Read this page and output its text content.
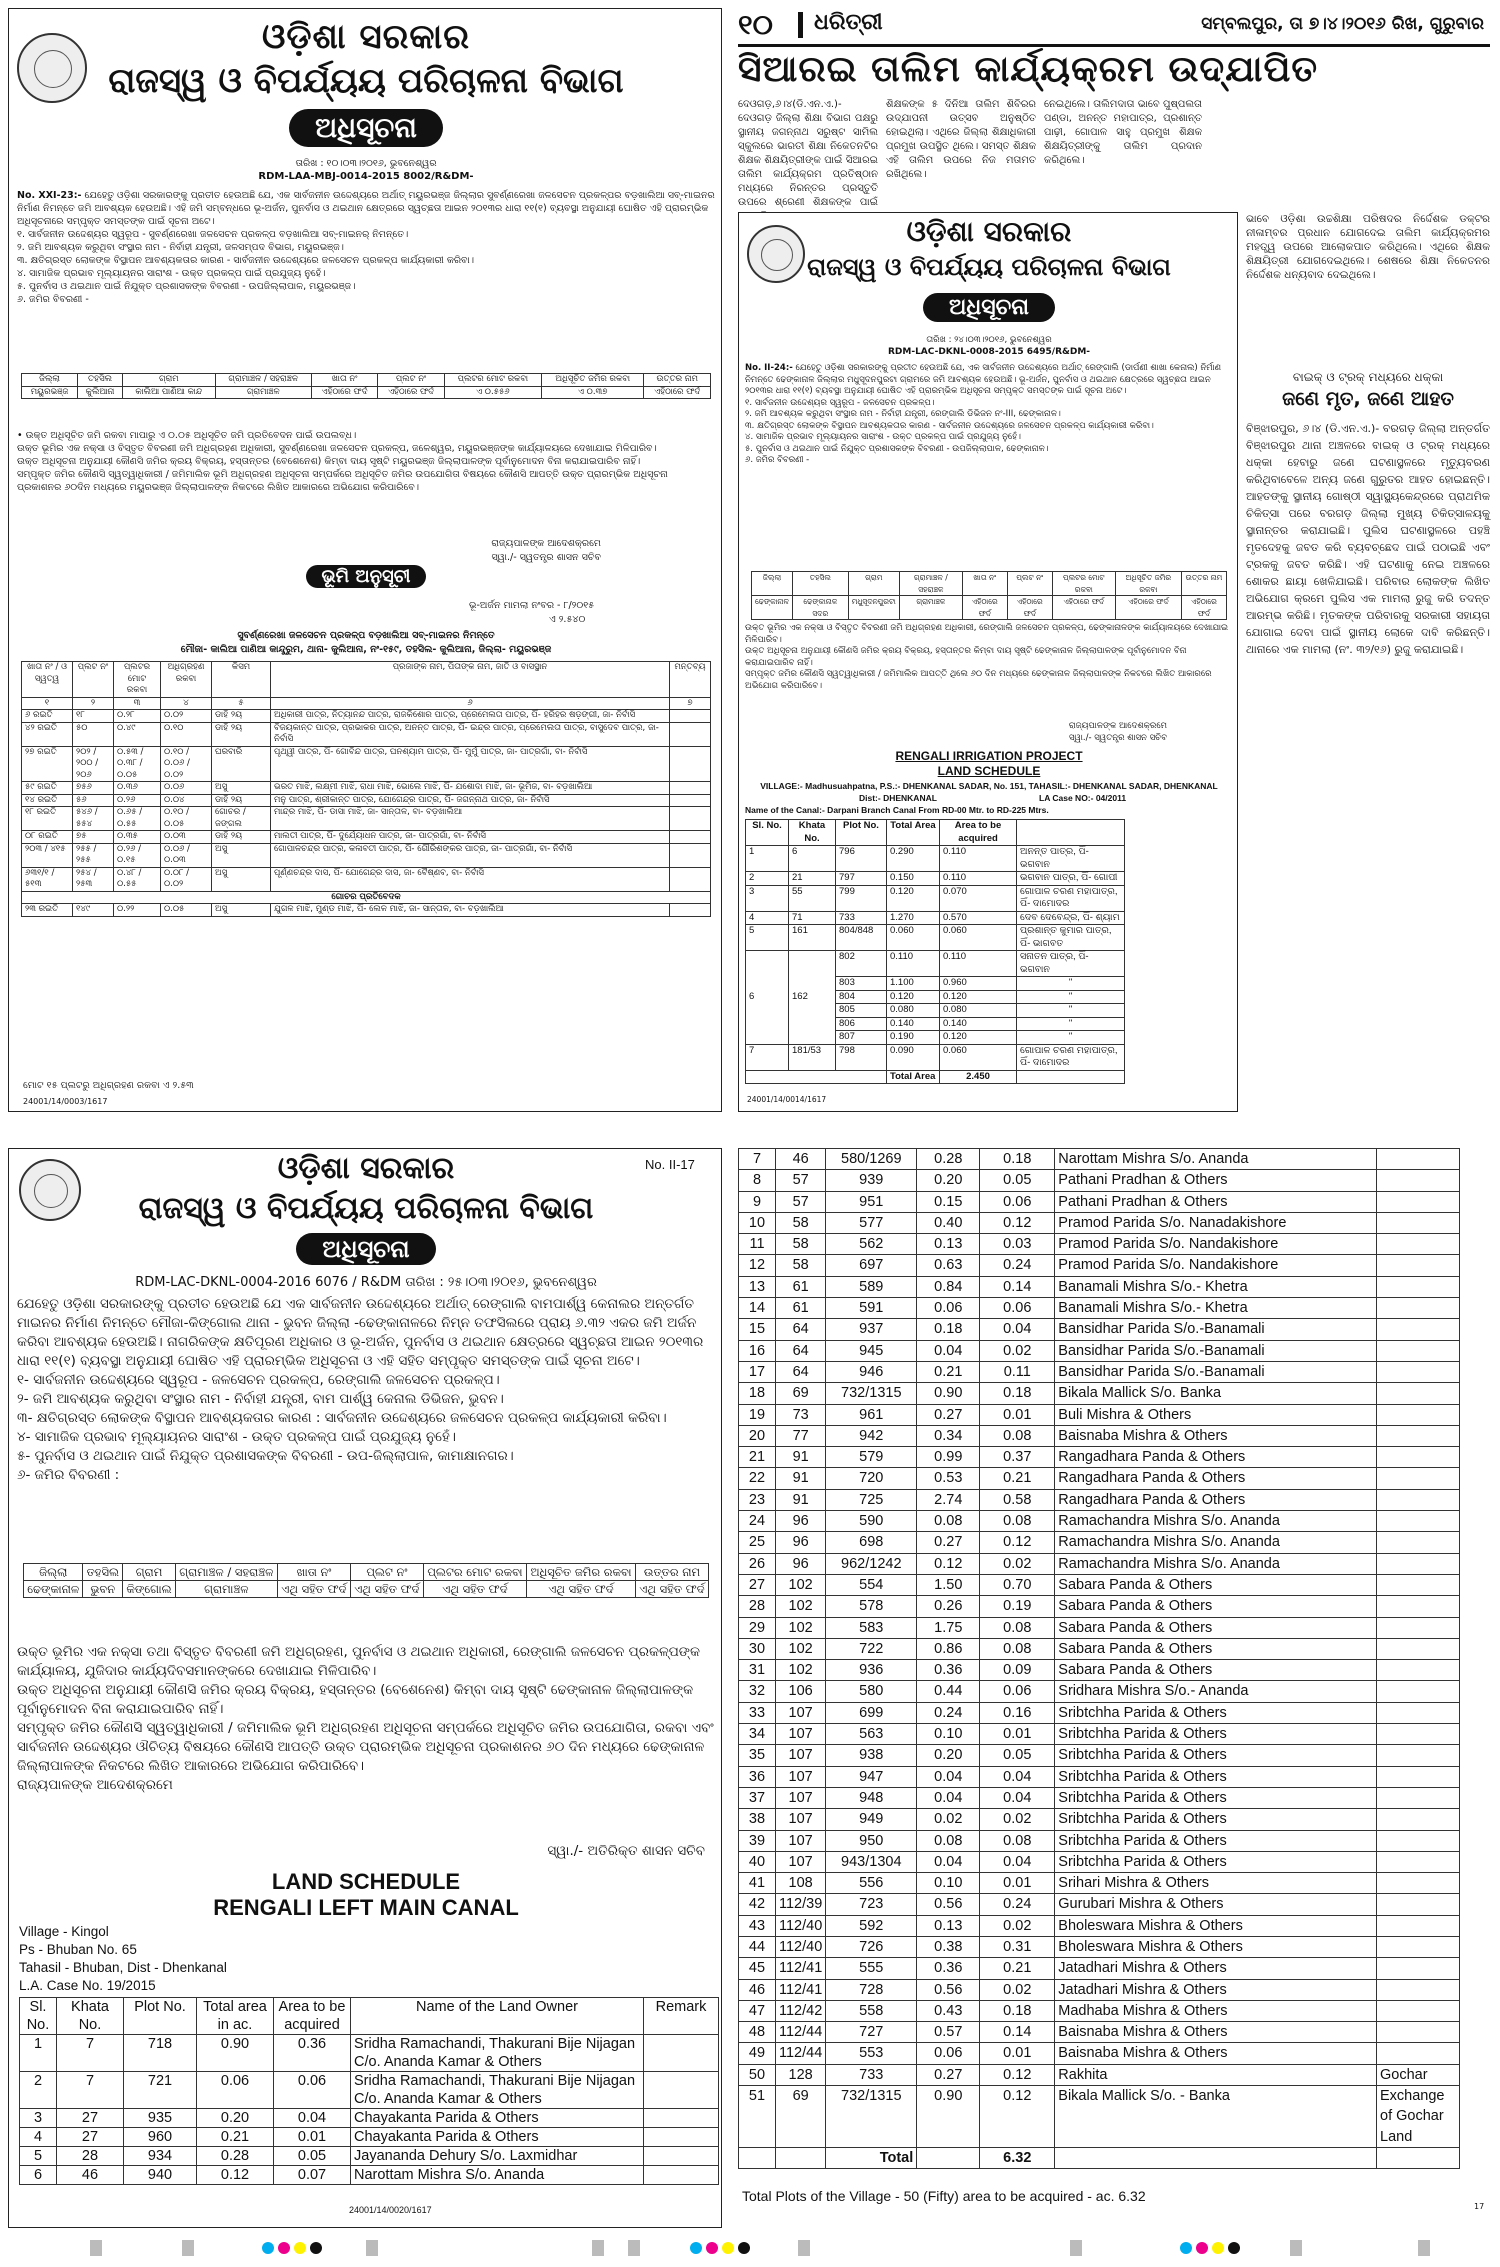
୧୦ ଧରିତ୍ରୀ	ସମ୍ବଲପୁର, ତା ୭।୪।୨୦୧୬ ରିଖ, ଗୁରୁବାର
ଓଡ଼ିଶା ସରକାର
ରାଜସ୍ୱ ଓ ବିପର୍ଯ୍ୟୟ ପରିଚାଳନା ବିଭାଗ
ଅଧିସୂଚନା
ତାରିଖ : ୧୦।୦୩।୨୦୧୬, ଭୁବନେଶ୍ୱର
RDM-LAA-MBJ-0014-2015 8002/R&DM-
No. XXI-23:- ଯେହେତୁ ଓଡ଼ିଶା ସରକାରଙ୍କୁ ପ୍ରତୀତ ହେଉଅଛି ଯେ, ଏକ ସାର୍ବଜନୀନ ଉଦ୍ଦେଶ୍ୟରେ ଅର୍ଥାତ୍ ମୟୁରଭଞ୍ଜ ଜିଲ୍ଲାର ସୁବର୍ଣ୍ଣରେଖା ଜଳସେଚନ ପ୍ରକଳ୍ପର ବଡ଼ଖାଲିଆ ସବ୍-ମାଇନର ନିର୍ମାଣ ନିମନ୍ତେ ଜମି ଆବଶ୍ୟକ ହେଉଅଛି। ଏହି ଜମି ସମ୍ବନ୍ଧରେ ଭୂ-ଅର୍ଜନ, ପୁନର୍ବାସ ଓ ଥଇଥାନ କ୍ଷେତ୍ରରେ ସ୍ୱଚ୍ଛତା ଆଇନ ୨୦୧୩ର ଧାରା ୧୧(୧) ବ୍ୟବସ୍ଥା ଅନୁଯାୟୀ ଘୋଷିତ ଏହି ପ୍ରାରମ୍ଭିକ ଅଧିସୂଚନାରେ ସମ୍ପୃକ୍ତ ସମସ୍ତଙ୍କ ପାଇଁ ସୂଚନା ଅଟେ।
୧. ସାର୍ବଜନୀନ ଉଦ୍ଦେଶ୍ୟର ସ୍ୱରୂପ - ସୁବର୍ଣ୍ଣରେଖା ଜଳସେଚନ ପ୍ରକଳ୍ପ ବଡ଼ଖାଲିଆ ସବ୍-ମାଇନର୍ ନିମନ୍ତେ।
୨. ଜମି ଆବଶ୍ୟକ କରୁଥିବା ସଂସ୍ଥାର ନାମ - ନିର୍ବାହୀ ଯନ୍ତ୍ରୀ, ଜଳସମ୍ପଦ ବିଭାଗ, ମୟୁରଭଞ୍ଜ।
୩. କ୍ଷତିଗ୍ରସ୍ତ ଲୋକଙ୍କ ବିସ୍ଥାପନ ଆବଶ୍ୟକତାର କାରଣ - ସାର୍ବଜନୀନ ଉଦ୍ଦେଶ୍ୟରେ ଜଳସେଚନ ପ୍ରକଳ୍ପ କାର୍ଯ୍ୟକାରୀ କରିବା।
୪. ସାମାଜିକ ପ୍ରଭାବ ମୂଲ୍ୟାୟନର ସାରାଂଶ - ଉକ୍ତ ପ୍ରକଳ୍ପ ପାଇଁ ପ୍ରଯୁଜ୍ୟ ନୁହେଁ।
୫. ପୁନର୍ବାସ ଓ ଥଇଥାନ ପାଇଁ ନିଯୁକ୍ତ ପ୍ରଶାସକଙ୍କ ବିବରଣୀ - ଉପଜିଲ୍ଲାପାଳ, ମୟୁରଭଞ୍ଜ।
୬. ଜମିର ବିବରଣୀ -
ଜିଲ୍ଲା	ତହସିଲ	ଗ୍ରାମ	ଗ୍ରାମାଞ୍ଚଳ / ସହରାଞ୍ଚଳ	ଖାତା ନଂ	ପ୍ଲଟ ନଂ	ପ୍ଲଟର ମୋଟ ରକବା	ଅଧିସୂଚିତ ଜମିର ରକବା	ଉତ୍ତର ନାମ
ମୟୁରଭଞ୍ଜ	କୁଲିଆନା	କାଲିଆ ପାଣିଆ କାନ୍ଦ	ଗ୍ରାମାଞ୍ଚଳ	ଏହିଠାରେ ଫର୍ଦ	ଏହିଠାରେ ଫର୍ଦ	ଏ ୦.୫୫୬	ଏ ୦.୩୭	ଏହିଠାରେ ଫର୍ଦ
• ଉକ୍ତ ଅଧିସୂଚିତ ଜମି ରକବା ମାପାରୁ ଏ ୦.୦୫ ଅଧିସୂଚିତ ଜମି ପ୍ରତିବେଦନ ପାଇଁ ଉପଲବ୍ଧ।
ଉକ୍ତ ଭୂମିର ଏକ ନକ୍ସା ଓ ବିସ୍ତୃତ ବିବରଣୀ ଜମି ଅଧିଗ୍ରହଣ ଅଧିକାରୀ, ସୁବର୍ଣ୍ଣରେଖା ଜଳସେଚନ ପ୍ରକଳ୍ପ, ଜଳେଶ୍ୱର, ମୟୁରଭଞ୍ଜଙ୍କ କାର୍ଯ୍ୟାଳୟରେ ଦେଖାଯାଇ ମିଳିପାରିବ।
ଉକ୍ତ ଅଧିସୂଚନା ଅନୁଯାୟୀ କୌଣସି ଜମିର କ୍ରୟ ବିକ୍ରୟ, ହସ୍ତାନ୍ତର (ବେଶେନେଶ) କିମ୍ବା ଦାୟ ସୃଷ୍ଟି ମୟୁରଭଞ୍ଜ ଜିଲ୍ଲାପାଳଙ୍କ ପୂର୍ବାନୁମୋଦନ ବିନା କରାଯାଇପାରିବ ନାହିଁ।
ସମ୍ପୃକ୍ତ ଜମିର କୌଣସି ସ୍ୱତ୍ୱାଧିକାରୀ / ଜମିମାଲିକ ଭୂମି ଅଧିଗ୍ରହଣ ଅଧିସୂଚନା ସମ୍ପର୍କରେ ଅଧିସୂଚିତ ଜମିର ଉପଯୋଗିତା ବିଷୟରେ କୌଣସି ଆପତ୍ତି ଉକ୍ତ ପ୍ରାରମ୍ଭିକ ଅଧିସୂଚନା ପ୍ରକାଶନର ୬୦ଦିନ ମଧ୍ୟରେ ମୟୁରଭଞ୍ଜ ଜିଲ୍ଲାପାଳଙ୍କ ନିକଟରେ ଲିଖିତ ଆକାରରେ ଅଭିଯୋଗ କରିପାରିବେ।
ରାଜ୍ୟପାଳଙ୍କ ଆଦେଶକ୍ରମେ
ସ୍ୱା./- ସ୍ୱତନ୍ତ୍ର ଶାସନ ସଚିବ
ଭୂମି ଅନୁସୂଚୀ
ଭୂ-ଅର୍ଜନ ମାମଲା ନଂବର - ୮/୨୦୧୫
ଏ ୨.୫୪୦
ସୁବର୍ଣ୍ଣରେଖା ଜଳସେଚନ ପ୍ରକଳ୍ପ ବଡ଼ଖାଲିଆ ସବ୍-ମାଇନର ନିମନ୍ତେ
ମୌଜା- କାଲିଆ ପାଣିଆ କାନ୍ଦୁରୁମ, ଥାନା- କୁଲିଆନା, ନଂ-୧୫୯, ତହସିଲ- କୁଲିଆନା, ଜିଲ୍ଲା- ମୟୁରଭଞ୍ଜ
ଖାତା ନଂ / ଓ ସ୍ୱତ୍ୱ	ପ୍ଲଟ ନଂ	ପ୍ଲଟର ମୋଟ ରକବା	ଅଧିଗ୍ରହଣ ରକବା	କିସମ	ପ୍ରଜାଙ୍କ ନାମ, ପିତାଙ୍କ ନାମ, ଜାତି ଓ ବାସସ୍ଥାନ	ମନ୍ତବ୍ୟ
୧	୨	୩	୪	୫	୬	୭
୬ ରଇତି	୧୮	୦.୨୮	୦.୦୨	ଡାହି ୨ୟ	ଅଧିକାରୀ ପାତ୍ର, ନିତ୍ୟାନନ୍ଦ ପାତ୍ର, ରାଜକିଶୋର ପାତ୍ର, ପ୍ରେମେଲତା ପାତ୍ର, ପିଁ- ହରିହର ଷଡ଼ଙ୍ଗୀ, ଜା- ନିର୍ବାସି	
୪୨ ରଇତି	୫୦	୦.୪୯	୦.୧୦	ଡାହି ୨ୟ	ବିଜୟକାନ୍ତ ପାତ୍ର, ପ୍ରଭାକର ପାତ୍ର, ଅନନ୍ତ ପାତ୍ର, ପିଁ- ଇନ୍ଦ୍ର ପାତ୍ର, ପ୍ରେମେଲତା ପାତ୍ର, ବାସୁଦେବ ପାତ୍ର, ଜା- ନିର୍ବାସି	
୨୭ ରଇତି	୨୦୨ / ୨୦୦ / ୨୦୬	୦.୫୩ / ୦.୩୮ / ୦.୦୫	୦.୧୦ / ୦.୦୬ / ୦.୦୨	ଘରବାରି	ପୃଥ୍ୱୀ ପାତ୍ର, ପିଁ- ଗୋବିନ୍ଦ ପାତ୍ର, ଘନଶ୍ୟାମ ପାତ୍ର, ପିଁ- ମୁର୍ମୁ ପାତ୍ର, ଜା- ପାତ୍ରଗାଁ, ବା- ନିର୍ବାସି	
୫୯ ରଇତି	୭୫୬	୦.୩୬	୦.୦୬	ଅସୁ	ଭରତ ମାଝି, ଲକ୍ଷ୍ମୀ ମାଝି, ରାଧା ମାଝି, ଭୋଲେ ମାଝି, ପିଁ- ଯଶୋଦା ମାଝି, ଜା- ଭୂମିଜ, ବା- ବଡ଼ଖାଲିଆ	
୧୪ ରଇତି	୫୬	୦.୨୬	୦.୦୪	ଡାହି ୨ୟ	ମନୁ ପାତ୍ର, ଶ୍ରୀକାନ୍ତ ପାତ୍ର, ଯୋଗେନ୍ଦ୍ର ପାତ୍ର, ପିଁ- ଜଗନ୍ନାଥ ପାତ୍ର, ଜା- ନିର୍ବାସି	
୧୮ ରଇତି	୫୪୬ / ୫୫୪	୦.୬୫ / ୦.୫୫	୦.୧୦ / ୦.୦୫	ଗୋଚର / ଜଙ୍ଗଲ	ମାନ୍ଦ୍ର ମାଝି, ପିଁ- ଡାସା ମାଝି, ଜା- ସାନ୍ତାଳ, ବା- ବଡ଼ଖାଲିଆ	
୦୮ ରଇତି	୭୫	୦.୩୫	୦.୦୩	ଡାହି ୨ୟ	ମାଲତୀ ପାତ୍ର, ପିଁ- ଦୁର୍ଯ୍ୟୋଧନ ପାତ୍ର, ଜା- ପାତ୍ରଗାଁ, ବା- ନିର୍ବାସି	
୨୦୩ / ୪୧୫	୨୫୫ / ୨୫୫	୦.୨୬ / ୦.୧୫	୦.୦୬ / ୦.୦୩	ଅସୁ	ଗୋପାଳଚନ୍ଦ୍ର ପାତ୍ର, କଳାବତୀ ପାତ୍ର, ପିଁ- ଗୌରିଶଙ୍କର ପାତ୍ର, ଜା- ପାତ୍ରଗାଁ, ବା- ନିର୍ବାସି	
୬୩୧/୧ / ୫୧୩	୨୫୪ / ୨୫୩	୦.୪୮ / ୦.୫୫	୦.୦୮ / ୦.୦୨	ଅସୁ	ପୂର୍ଣ୍ଣଚନ୍ଦ୍ର ଦାସ, ପିଁ- ଯୋଗେନ୍ଦ୍ର ଦାସ, ଜା- ବୈଷ୍ଣବ, ବା- ନିର୍ବାସି	
ଗୋଚର ପ୍ରତିବେଦକ						
୨୩ ରଇତି	୧୪୯	୦.୨୨	୦.୦୫	ଅସୁ	ଯୁଗଳ ମାଝି, ମୁଣ୍ଡ ମାଝି, ପିଁ- ଲେଳ ମାଝି, ଜା- ସାନ୍ତାଳ, ବା- ବଡ଼ଖାଲିଆ	
ମୋଟ ୧୫ ପ୍ଲଟରୁ ଅଧିଗ୍ରହଣ ରକବା ଏ ୨.୫୩
24001/14/0003/1617
ସିଆରଇ ତାଲିମ କାର୍ଯ୍ୟକ୍ରମ ଉଦ୍‌ଯାପିତ
ଦେଓଗଡ଼,୬।୪(ଡି.ଏନ.ଏ.)- ଦେଓଗଡ଼ ଜିଲ୍ଲା ଶିକ୍ଷା ବିଭାଗ ପକ୍ଷରୁ ସ୍ଥାନୀୟ ଜଗନ୍ନାଥ ସରୁଷ୍ଟ ସାମିଲ ସ୍କୁଲରେ ଭାରତୀ ଶିକ୍ଷା ନିକେତନଟିର ଶିକ୍ଷକ ଶିକ୍ଷୟିତ୍ରୀଙ୍କ ପାଇଁ ସିଆରଇ ତାଲିମ କାର୍ଯ୍ୟକ୍ରମ ପ୍ରତିଷ୍ଠାନ ମଧ୍ୟରେ ନିରନ୍ତର ପ୍ରସ୍ତୁତି ଉପରେ ଶ୍ରେଣୀ ଶିକ୍ଷକଙ୍କ ପାଇଁ
ଶିକ୍ଷକଙ୍କ ୫ ଦିନିଆ ତାଲିମ ଶିବିରର ଉଦ୍‌ଯାପନୀ ଉତ୍ସବ ଅନୁଷ୍ଠିତ ହୋଇଥିଲା। ଏଥିରେ ଜିଲ୍ଲା ଶିକ୍ଷାଧିକାରୀ ପ୍ରମୁଖ ଉପସ୍ଥିତ ଥିଲେ। ସମସ୍ତ ଶିକ୍ଷକ ଏହି ତାଲିମ ଉପରେ ନିଜ ମତାମତ ରଖିଥିଲେ।
ନେଇଥିଲେ। ତାଲିମଦାତା ଭାବେ ପୁଷ୍ପଲତା ପଣ୍ଡା, ଅନନ୍ତ ମହାପାତ୍ର, ପ୍ରଶାନ୍ତ ପାଢ଼ୀ, ଗୋପାଳ ସାହୁ ପ୍ରମୁଖ ଶିକ୍ଷକ ଶିକ୍ଷୟିତ୍ରୀଙ୍କୁ ତାଲିମ ପ୍ରଦାନ କରିଥିଲେ।
ଓଡ଼ିଶା ସରକାର
ରାଜସ୍ୱ ଓ ବିପର୍ଯ୍ୟୟ ପରିଚାଳନା ବିଭାଗ
ଅଧିସୂଚନା
ତାରିଖ : ୨୪।୦୩।୨୦୧୬, ଭୁବନେଶ୍ୱର
RDM-LAC-DKNL-0008-2015 6495/R&DM-
No. II-24:- ଯେହେତୁ ଓଡ଼ିଶା ସରକାରଙ୍କୁ ପ୍ରତୀତ ହେଉଅଛି ଯେ, ଏକ ସାର୍ବଜନୀନ ଉଦ୍ଦେଶ୍ୟରେ ଅର୍ଥାତ୍ ରେଙ୍ଗାଲି (ଡାର୍ପଣୀ ଶାଖା କେନାଲ) ନିର୍ମାଣ ନିମନ୍ତେ ଢେଙ୍କାନାଳ ଜିଲ୍ଲାର ମଧୁସୂଦନପୁରଟା ଗ୍ରାମରେ ଜମି ଆବଶ୍ୟକ ହେଉଅଛି। ଭୂ-ଅର୍ଜନ, ପୁନର୍ବାସ ଓ ଥଇଥାନ କ୍ଷେତ୍ରରେ ସ୍ୱଚ୍ଛତା ଆଇନ ୨୦୧୩ର ଧାରା ୧୧(୧) ବ୍ୟବସ୍ଥା ଅନୁଯାୟୀ ଘୋଷିତ ଏହି ପ୍ରାରମ୍ଭିକ ଅଧିସୂଚନା ସମ୍ପୃକ୍ତ ସମସ୍ତଙ୍କ ପାଇଁ ସୂଚନା ଅଟେ।
୧. ସାର୍ବଜନୀନ ଉଦ୍ଦେଶ୍ୟର ସ୍ୱରୂପ - ଜଳସେଚନ ପ୍ରକଳ୍ପ।
୨. ଜମି ଆବଶ୍ୟକ କରୁଥିବା ସଂସ୍ଥାର ନାମ - ନିର୍ବାହୀ ଯନ୍ତ୍ରୀ, ରେଙ୍ଗାଲି ଡିଭିଜନ ନଂ-III, ଢେଙ୍କାନାଳ।
୩. କ୍ଷତିଗ୍ରସ୍ତ ଲୋକଙ୍କ ବିସ୍ଥାପନ ଆବଶ୍ୟକତାର କାରଣ - ସାର୍ବଜନୀନ ଉଦ୍ଦେଶ୍ୟରେ ଜଳସେଚନ ପ୍ରକଳ୍ପ କାର୍ଯ୍ୟକାରୀ କରିବା।
୪. ସାମାଜିକ ପ୍ରଭାବ ମୂଲ୍ୟାୟନର ସାରାଂଶ - ଉକ୍ତ ପ୍ରକଳ୍ପ ପାଇଁ ପ୍ରଯୁଜ୍ୟ ନୁହେଁ।
୫. ପୁନର୍ବାସ ଓ ଥଇଥାନ ପାଇଁ ନିଯୁକ୍ତ ପ୍ରଶାସକଙ୍କ ବିବରଣୀ - ଉପଜିଲ୍ଲାପାଳ, ଢେଙ୍କାନାଳ।
୬. ଜମିର ବିବରଣୀ -
ଜିଲ୍ଲା	ତହସିଲ	ଗ୍ରାମ	ଗ୍ରାମାଞ୍ଚଳ / ସହରାଞ୍ଚଳ	ଖାତା ନଂ	ପ୍ଲଟ ନଂ	ପ୍ଲଟର ମୋଟ ରକବା	ଅଧିସୂଚିତ ଜମିର ରକବା	ଉତ୍ତର ନାମ
ଢେଙ୍କାନାଳ	ଢେଙ୍କାନାଳ ସଦର	ମଧୁସୂଦନପୁରଟା	ଗ୍ରାମାଞ୍ଚଳ	ଏହିଠାରେ ଫର୍ଦ	ଏହିଠାରେ ଫର୍ଦ	ଏହିଠାରେ ଫର୍ଦ	ଏହିଠାରେ ଫର୍ଦ	ଏହିଠାରେ ଫର୍ଦ
ଉକ୍ତ ଭୂମିର ଏକ ନକ୍ସା ଓ ବିସ୍ତୃତ ବିବରଣୀ ଜମି ଅଧିଗ୍ରହଣ ଅଧିକାରୀ, ରେଙ୍ଗାଲି ଜଳସେଚନ ପ୍ରକଳ୍ପ, ଢେଙ୍କାନାଳଙ୍କ କାର୍ଯ୍ୟାଳୟରେ ଦେଖାଯାଇ ମିଳିପାରିବ।
ଉକ୍ତ ଅଧିସୂଚନା ଅନୁଯାୟୀ କୌଣସି ଜମିର କ୍ରୟ ବିକ୍ରୟ, ହସ୍ତାନ୍ତର କିମ୍ବା ଦାୟ ସୃଷ୍ଟି ଢେଙ୍କାନାଳ ଜିଲ୍ଲାପାଳଙ୍କ ପୂର୍ବାନୁମୋଦନ ବିନା କରାଯାଇପାରିବ ନାହିଁ।
ସମ୍ପୃକ୍ତ ଜମିର କୌଣସି ସ୍ୱତ୍ୱାଧିକାରୀ / ଜମିମାଲିକ ଆପତ୍ତି ଥିଲେ ୬୦ ଦିନ ମଧ୍ୟରେ ଢେଙ୍କାନାଳ ଜିଲ୍ଲାପାଳଙ୍କ ନିକଟରେ ଲିଖିତ ଆକାରରେ ଅଭିଯୋଗ କରିପାରିବେ।
ରାଜ୍ୟପାଳଙ୍କ ଆଦେଶକ୍ରମେ
ସ୍ୱା./- ସ୍ୱତନ୍ତ୍ର ଶାସନ ସଚିବ
RENGALI IRRIGATION PROJECT
LAND SCHEDULE
VILLAGE:- Madhusuahpatna, P.S.:- DHENKANAL SADAR, No. 151, TAHASIL:- DHENKANAL SADAR, DHENKANAL
Dist:- DHENKANAL	LA Case NO:- 04/2011
Name of the Canal:- Darpani Branch Canal From RD-00 Mtr. to RD-225 Mtrs.
Sl. No.	Khata No.	Plot No.	Total Area	Area to be acquired	
1	6	796	0.290	0.110	ଅନନ୍ତ ପାତ୍ର, ପିଁ- ଭଗବାନ
2	21	797	0.150	0.110	ଭଗବାନ ପାତ୍ର, ପିଁ- ଗୋପୀ
3	55	799	0.120	0.070	ଗୋପାଳ ଚରଣ ମହାପାତ୍ର, ପିଁ- ଦାମୋଦର
4	71	733	1.270	0.570	ଦେବ ଦେବେନ୍ଦ୍ର, ପିଁ- ଶ୍ୟାମ
5	161	804/848	0.060	0.060	ପ୍ରଶାନ୍ତ କୁମାର ପାତ୍ର, ପିଁ- ଭାଗବତ
6	162	802	0.110	0.110	ସନାତନ ପାତ୍ର, ପିଁ- ଭଗବାନ
		803	1.100	0.960	"
		804	0.120	0.120	"
		805	0.080	0.080	"
		806	0.140	0.140	"
		807	0.190	0.120	"
7	181/53	798	0.090	0.060	ଗୋପାଳ ଚରଣ ମହାପାତ୍ର, ପିଁ- ଦାମୋଦର
			Total Area	2.450	
24001/14/0014/1617
ଭାବେ ଓଡ଼ିଶା ଉଚ୍ଚଶିକ୍ଷା ପରିଷଦର ନିର୍ଦ୍ଦେଶକ ଡକ୍ଟର ନୀଳାମ୍ବର ପ୍ରଧାନ ଯୋଗଦେଇ ତାଲିମ କାର୍ଯ୍ୟକ୍ରମର ମହତ୍ତ୍ୱ ଉପରେ ଆଲୋକପାତ କରିଥିଲେ। ଏଥିରେ ଶିକ୍ଷକ ଶିକ୍ଷୟିତ୍ରୀ ଯୋଗଦେଇଥିଲେ। ଶେଷରେ ଶିକ୍ଷା ନିକେତନର ନିର୍ଦ୍ଦେଶକ ଧନ୍ୟବାଦ ଦେଇଥିଲେ।
ବାଇକ୍ ଓ ଟ୍ରକ୍ ମଧ୍ୟରେ ଧକ୍କା
ଜଣେ ମୃତ, ଜଣେ ଆହତ
ବିଞ୍ଝାରପୁର, ୬।୪ (ଡି.ଏନ.ଏ.)- ବରଗଡ଼ ଜିଲ୍ଲା ଅନ୍ତର୍ଗତ ବିଞ୍ଝାରପୁର ଥାନା ଅଞ୍ଚଳରେ ବାଇକ୍ ଓ ଟ୍ରକ୍ ମଧ୍ୟରେ ଧକ୍କା ହେବାରୁ ଜଣେ ଘଟଣାସ୍ଥଳରେ ମୃତ୍ୟୁବରଣ କରିଥିବାବେଳେ ଅନ୍ୟ ଜଣେ ଗୁରୁତର ଆହତ ହୋଇଛନ୍ତି। ଆହତଙ୍କୁ ସ୍ଥାନୀୟ ଗୋଷ୍ଠୀ ସ୍ୱାସ୍ଥ୍ୟକେନ୍ଦ୍ରରେ ପ୍ରାଥମିକ ଚିକିତ୍ସା ପରେ ବରଗଡ଼ ଜିଲ୍ଲା ମୁଖ୍ୟ ଚିକିତ୍ସାଳୟକୁ ସ୍ଥାନାନ୍ତର କରାଯାଇଛି। ପୁଲିସ ଘଟଣାସ୍ଥଳରେ ପହଞ୍ଚି ମୃତଦେହକୁ ଜବତ କରି ବ୍ୟବଚ୍ଛେଦ ପାଇଁ ପଠାଇଛି ଏବଂ ଟ୍ରକକୁ ଜବତ କରିଛି। ଏହି ଘଟଣାକୁ ନେଇ ଅଞ୍ଚଳରେ ଶୋକର ଛାୟା ଖେଳିଯାଇଛି। ପରିବାର ଲୋକଙ୍କ ଲିଖିତ ଅଭିଯୋଗ କ୍ରମେ ପୁଲିସ ଏକ ମାମଲା ରୁଜୁ କରି ତଦନ୍ତ ଆରମ୍ଭ କରିଛି। ମୃତକଙ୍କ ପରିବାରକୁ ସରକାରୀ ସହାୟତା ଯୋଗାଇ ଦେବା ପାଇଁ ସ୍ଥାନୀୟ ଲୋକେ ଦାବି କରିଛନ୍ତି। ଥାନାରେ ଏକ ମାମଲା (ନଂ. ୩୨/୧୬) ରୁଜୁ କରାଯାଇଛି।
ଓଡ଼ିଶା ସରକାର	No. II-17
ରାଜସ୍ୱ ଓ ବିପର୍ଯ୍ୟୟ ପରିଚାଳନା ବିଭାଗ
ଅଧିସୂଚନା
RDM-LAC-DKNL-0004-2016 6076 / R&DM ତାରିଖ : ୨୫।୦୩।୨୦୧୬, ଭୁବନେଶ୍ୱର
ଯେହେତୁ ଓଡ଼ିଶା ସରକାରଙ୍କୁ ପ୍ରତୀତ ହେଉଅଛି ଯେ ଏକ ସାର୍ବଜନୀନ ଉଦ୍ଦେଶ୍ୟରେ ଅର୍ଥାତ୍ ରେଙ୍ଗାଲି ବାମପାର୍ଶ୍ୱ କେନାଲର ଅନ୍ତର୍ଗତ ମାଇନର ନିର୍ମାଣ ନିମନ୍ତେ ମୌଜା-କିଙ୍ଗୋଲ ଥାନା - ଭୁବନ ଜିଲ୍ଲା -ଢେଙ୍କାନାଳରେ ନିମ୍ନ ତଫସିଲରେ ପ୍ରାୟ ୬.୩୨ ଏକର ଜମି ଅର୍ଜନ କରିବା ଆବଶ୍ୟକ ହେଉଅଛି। ନାଗରିକଙ୍କ କ୍ଷତିପୂରଣ ଅଧିକାର ଓ ଭୂ-ଅର୍ଜନ, ପୁନର୍ବାସ ଓ ଥଇଥାନ କ୍ଷେତ୍ରରେ ସ୍ୱଚ୍ଛତା ଆଇନ ୨୦୧୩ର ଧାରା ୧୧(୧) ବ୍ୟବସ୍ଥା ଅନୁଯାୟୀ ଘୋଷିତ ଏହି ପ୍ରାରମ୍ଭିକ ଅଧିସୂଚନା ଓ ଏହି ସହିତ ସମ୍ପୃକ୍ତ ସମସ୍ତଙ୍କ ପାଇଁ ସୂଚନା ଅଟେ।
୧- ସାର୍ବଜନୀନ ଉଦ୍ଦେଶ୍ୟରେ ସ୍ୱରୂପ - ଜଳସେଚନ ପ୍ରକଳ୍ପ, ରେଙ୍ଗାଲି ଜଳସେଚନ ପ୍ରକଳ୍ପ।
୨- ଜମି ଆବଶ୍ୟକ କରୁଥିବା ସଂସ୍ଥାର ନାମ - ନିର୍ବାହୀ ଯନ୍ତ୍ରୀ, ବାମ ପାର୍ଶ୍ୱ କେନାଲ ଡିଭିଜନ, ଭୁବନ।
୩- କ୍ଷତିଗ୍ରସ୍ତ ଲୋକଙ୍କ ବିସ୍ଥାପନ ଆବଶ୍ୟକତାର କାରଣ : ସାର୍ବଜନୀନ ଉଦ୍ଦେଶ୍ୟରେ ଜଳସେଚନ ପ୍ରକଳ୍ପ କାର୍ଯ୍ୟକାରୀ କରିବା।
୪- ସାମାଜିକ ପ୍ରଭାବ ମୂଲ୍ୟାୟନର ସାରାଂଶ - ଉକ୍ତ ପ୍ରକଳ୍ପ ପାଇଁ ପ୍ରଯୁଜ୍ୟ ନୁହେଁ।
୫- ପୁନର୍ବାସ ଓ ଥଇଥାନ ପାଇଁ ନିଯୁକ୍ତ ପ୍ରଶାସକଙ୍କ ବିବରଣୀ - ଉପ-ଜିଲ୍ଲାପାଳ, କାମାକ୍ଷାନଗର।
୬- ଜମିର ବିବରଣୀ :
ଜିଲ୍ଲା	ତହସିଲ	ଗ୍ରାମ	ଗ୍ରାମାଞ୍ଚଳ / ସହରାଞ୍ଚଳ	ଖାତା ନଂ	ପ୍ଲଟ ନଂ	ପ୍ଲଟର ମୋଟ ରକବା	ଅଧିସୂଚିତ ଜମିର ରକବା	ଉତ୍ତର ନାମ
ଢେଙ୍କାନାଳ	ଭୁବନ	କିଙ୍ଗୋଲ	ଗ୍ରାମାଞ୍ଚଳ	ଏଥି ସହିତ ଫର୍ଦ	ଏଥି ସହିତ ଫର୍ଦ	ଏଥି ସହିତ ଫର୍ଦ	ଏଥି ସହିତ ଫର୍ଦ	ଏଥି ସହିତ ଫର୍ଦ
ଉକ୍ତ ଭୂମିର ଏକ ନକ୍ସା ତଥା ବିସ୍ତୃତ ବିବରଣୀ ଜମି ଅଧିଗ୍ରହଣ, ପୁନର୍ବାସ ଓ ଥଇଥାନ ଅଧିକାରୀ, ରେଙ୍ଗାଲି ଜଳସେଚନ ପ୍ରକଳ୍ପଙ୍କ କାର୍ଯ୍ୟାଳୟ, ଯୁଜିଦାର କାର୍ଯ୍ୟଦିବସମାନଙ୍କରେ ଦେଖାଯାଇ ମିଳିପାରିବ।
ଉକ୍ତ ଅଧିସୂଚନା ଅନୁଯାୟୀ କୌଣସି ଜମିର କ୍ରୟ ବିକ୍ରୟ, ହସ୍ତାନ୍ତର (ବେଶେନେଶ) କିମ୍ବା ଦାୟ ସୃଷ୍ଟି ଢେଙ୍କାନାଳ ଜିଲ୍ଲାପାଳଙ୍କ ପୂର୍ବାନୁମୋଦନ ବିନା କରାଯାଇପାରିବ ନାହିଁ।
ସମ୍ପୃକ୍ତ ଜମିର କୌଣସି ସ୍ୱତ୍ୱାଧିକାରୀ / ଜମିମାଲିକ ଭୂମି ଅଧିଗ୍ରହଣ ଅଧିସୂଚନା ସମ୍ପର୍କରେ ଅଧିସୂଚିତ ଜମିର ଉପଯୋଗିତା, ରକବା ଏବଂ ସାର୍ବଜନୀନ ଉଦ୍ଦେଶ୍ୟର ଔଚିତ୍ୟ ବିଷୟରେ କୌଣସି ଆପତ୍ତି ଉକ୍ତ ପ୍ରାରମ୍ଭିକ ଅଧିସୂଚନା ପ୍ରକାଶନର ୬୦ ଦିନ ମଧ୍ୟରେ ଢେଙ୍କାନାଳ ଜିଲ୍ଲାପାଳଙ୍କ ନିକଟରେ ଲିଖିତ ଆକାରରେ ଅଭିଯୋଗ କରିପାରିବେ।
ରାଜ୍ୟପାଳଙ୍କ ଆଦେଶକ୍ରମେ
ସ୍ୱା./- ଅତିରିକ୍ତ ଶାସନ ସଚିବ
LAND SCHEDULE
RENGALI LEFT MAIN CANAL
Village - Kingol
Ps - Bhuban No. 65
Tahasil - Bhuban, Dist - Dhenkanal
L.A. Case No. 19/2015
Sl. No.	Khata No.	Plot No.	Total area in ac.	Area to be acquired	Name of the Land Owner	Remark
1	7	718	0.90	0.36	Sridha Ramachandi, Thakurani Bije Nijagan C/o. Ananda Kamar & Others	
2	7	721	0.06	0.06	Sridha Ramachandi, Thakurani Bije Nijagan C/o. Ananda Kamar & Others	
3	27	935	0.20	0.04	Chayakanta Parida & Others	
4	27	960	0.21	0.01	Chayakanta Parida & Others	
5	28	934	0.28	0.05	Jayananda Dehury S/o. Laxmidhar	
6	46	940	0.12	0.07	Narottam Mishra S/o. Ananda	
24001/14/0020/1617
7	46	580/1269	0.28	0.18	Narottam Mishra S/o. Ananda	
8	57	939	0.20	0.05	Pathani Pradhan & Others	
9	57	951	0.15	0.06	Pathani Pradhan & Others	
10	58	577	0.40	0.12	Pramod Parida S/o. Nanadakishore	
11	58	562	0.13	0.03	Pramod Parida S/o. Nandakishore	
12	58	697	0.63	0.24	Pramod Parida S/o. Nandakishore	
13	61	589	0.84	0.14	Banamali Mishra S/o.- Khetra	
14	61	591	0.06	0.06	Banamali Mishra S/o.- Khetra	
15	64	937	0.18	0.04	Bansidhar Parida S/o.-Banamali	
16	64	945	0.04	0.02	Bansidhar Parida S/o.-Banamali	
17	64	946	0.21	0.11	Bansidhar Parida S/o.-Banamali	
18	69	732/1315	0.90	0.18	Bikala Mallick S/o. Banka	
19	73	961	0.27	0.01	Buli Mishra & Others	
20	77	942	0.34	0.08	Baisnaba Mishra & Others	
21	91	579	0.99	0.37	Rangadhara Panda & Others	
22	91	720	0.53	0.21	Rangadhara Panda & Others	
23	91	725	2.74	0.58	Rangadhara Panda & Others	
24	96	590	0.08	0.08	Ramachandra Mishra S/o. Ananda	
25	96	698	0.27	0.12	Ramachandra Mishra S/o. Ananda	
26	96	962/1242	0.12	0.02	Ramachandra Mishra S/o. Ananda	
27	102	554	1.50	0.70	Sabara Panda & Others	
28	102	578	0.26	0.19	Sabara Panda & Others	
29	102	583	1.75	0.08	Sabara Panda & Others	
30	102	722	0.86	0.08	Sabara Panda & Others	
31	102	936	0.36	0.09	Sabara Panda & Others	
32	106	580	0.44	0.06	Sridhara Mishra S/o.- Ananda	
33	107	699	0.24	0.16	Sribtchha Parida & Others	
34	107	563	0.10	0.01	Sribtchha Parida & Others	
35	107	938	0.20	0.05	Sribtchha Parida & Others	
36	107	947	0.04	0.04	Sribtchha Parida & Others	
37	107	948	0.04	0.04	Sribtchha Parida & Others	
38	107	949	0.02	0.02	Sribtchha Parida & Others	
39	107	950	0.08	0.08	Sribtchha Parida & Others	
40	107	943/1304	0.04	0.04	Sribtchha Parida & Others	
41	108	556	0.10	0.01	Srihari Mishra & Others	
42	112/39	723	0.56	0.24	Gurubari Mishra & Others	
43	112/40	592	0.13	0.02	Bholeswara Mishra & Others	
44	112/40	726	0.38	0.31	Bholeswara Mishra & Others	
45	112/41	555	0.36	0.21	Jatadhari Mishra & Others	
46	112/41	728	0.56	0.02	Jatadhari Mishra & Others	
47	112/42	558	0.43	0.18	Madhaba Mishra & Others	
48	112/44	727	0.57	0.14	Baisnaba Mishra & Others	
49	112/44	553	0.06	0.01	Baisnaba Mishra & Others	
50	128	733	0.27	0.12	Rakhita	Gochar
51	69	732/1315	0.90	0.12	Bikala Mallick S/o. - Banka	Exchange of Gochar Land
		Total		6.32		
Total Plots of the Village - 50 (Fifty) area to be acquired - ac. 6.32
17
